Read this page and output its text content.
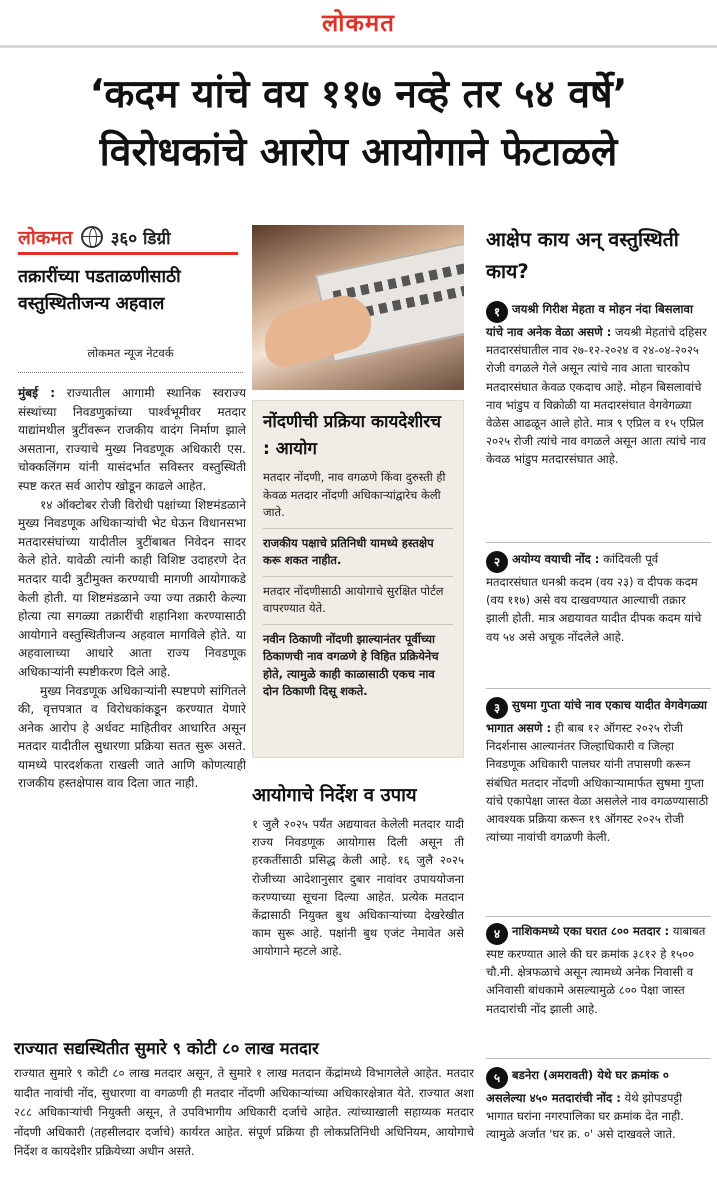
लोकमत
‘कदम यांचे वय ११७ नव्हे तर ५४ वर्षे’
विरोधकांचे आरोप आयोगाने फेटाळले
लोकमत ३६० डिग्री
तक्रारींच्या पडताळणीसाठी वस्तुस्थितीजन्य अहवाल
लोकमत न्यूज नेटवर्क

मुंबई : राज्यातील आगामी स्थानिक स्वराज्य संस्थांच्या निवडणुकांच्या पार्श्वभूमीवर मतदार याद्यांमधील त्रुटींवरून राजकीय वादंग निर्माण झाले असताना, राज्याचे मुख्य निवडणूक अधिकारी एस. चोक्कलिंगम यांनी यासंदर्भात सविस्तर वस्तुस्थिती स्पष्ट करत सर्व आरोप खोडून काढले आहेत.

१४ ऑक्टोबर रोजी विरोधी पक्षांच्या शिष्टमंडळाने मुख्य निवडणूक अधिकाऱ्यांची भेट घेऊन विधानसभा मतदारसंघांच्या यादीतील त्रुटींबाबत निवेदन सादर केले होते. यावेळी त्यांनी काही विशिष्ट उदाहरणे देत मतदार यादी त्रुटीमुक्त करण्याची मागणी आयोगाकडे केली होती. या शिष्टमंडळाने ज्या ज्या तक्रारी केल्या होत्या त्या सगळ्या तक्रारींची शहानिशा करण्यासाठी आयोगाने वस्तुस्थितीजन्य अहवाल मागविले होते. या अहवालाच्या आधारे आता राज्य निवडणूक अधिकाऱ्यांनी स्पष्टीकरण दिले आहे.

मुख्य निवडणूक अधिकाऱ्यांनी स्पष्टपणे सांगितले की, वृत्तपत्रात व विरोधकांकडून करण्यात येणारे अनेक आरोप हे अर्धवट माहितीवर आधारित असून मतदार यादीतील सुधारणा प्रक्रिया सतत सुरू असते. यामध्ये पारदर्शकता राखली जाते आणि कोणत्याही राजकीय हस्तक्षेपास वाव दिला जात नाही.

नोंदणीची प्रक्रिया कायदेशीरच : आयोग

मतदार नोंदणी, नाव वगळणे किंवा दुरुस्ती ही केवळ मतदार नोंदणी अधिकाऱ्यांद्वारेच केली जाते.

राजकीय पक्षाचे प्रतिनिधी यामध्ये हस्तक्षेप करू शकत नाहीत.

मतदार नोंदणीसाठी आयोगाचे सुरक्षित पोर्टल वापरण्यात येते.

नवीन ठिकाणी नोंदणी झाल्यानंतर पूर्वीच्या ठिकाणची नाव वगळणे हे विहित प्रक्रियेनेच होते, त्यामुळे काही काळासाठी एकच नाव दोन ठिकाणी दिसू शकते.

आयोगाचे निर्देश व उपाय
१ जुलै २०२५ पर्यंत अद्ययावत केलेली मतदार यादी राज्य निवडणूक आयोगास दिली असून ती हरकतींसाठी प्रसिद्ध केली आहे. १६ जुलै २०२५ रोजीच्या आदेशानुसार दुबार नावांवर उपाययोजना करण्याच्या सूचना दिल्या आहेत. प्रत्येक मतदान केंद्रासाठी नियुक्त बुथ अधिकाऱ्यांच्या देखरेखीत काम सुरू आहे. पक्षांनी बुथ एजंट नेमावेत असे आयोगाने म्हटले आहे.
राज्यात सद्यस्थितीत सुमारे ९ कोटी ८० लाख मतदार
राज्यात सुमारे ९ कोटी ८० लाख मतदार असून, ते सुमारे १ लाख मतदान केंद्रांमध्ये विभागलेले आहेत. मतदार यादीत नावांची नोंद, सुधारणा वा वगळणी ही मतदार नोंदणी अधिकाऱ्यांच्या अधिकारक्षेत्रात येते. राज्यात अशा २८८ अधिकाऱ्यांची नियुक्ती असून, ते उपविभागीय अधिकारी दर्जाचे आहेत. त्यांच्याखाली सहाय्यक मतदार नोंदणी अधिकारी (तहसीलदार दर्जाचे) कार्यरत आहेत. संपूर्ण प्रक्रिया ही लोकप्रतिनिधी अधिनियम, आयोगाचे निर्देश व कायदेशीर प्रक्रियेच्या अधीन असते.
आक्षेप काय अन् वस्तुस्थिती काय?
१ जयश्री गिरीश मेहता व मोहन नंदा बिसलावा यांचे नाव अनेक वेळा असणे : जयश्री मेहतांचे दहिसर मतदारसंघातील नाव २७-१२-२०२४ व २४-०४-२०२५ रोजी वगळले गेले असून त्यांचे नाव आता चारकोप मतदारसंघात केवळ एकदाच आहे. मोहन बिसलावांचे नाव भांडुप व विक्रोळी या मतदारसंघात वेगवेगळ्या वेळेस आढळून आले होते. मात्र ९ एप्रिल व १५ एप्रिल २०२५ रोजी त्यांचे नाव वगळले असून आता त्यांचे नाव केवळ भांडुप मतदारसंघात आहे.
२ अयोग्य वयाची नोंद : कांदिवली पूर्व मतदारसंघात धनश्री कदम (वय २३) व दीपक कदम (वय ११७) असे वय दाखवण्यात आल्याची तक्रार झाली होती. मात्र अद्ययावत यादीत दीपक कदम यांचे वय ५४ असे अचूक नोंदलेले आहे.
३ सुषमा गुप्ता यांचे नाव एकाच यादीत वेगवेगळ्या भागात असणे : ही बाब १२ ऑगस्ट २०२५ रोजी निदर्शनास आल्यानंतर जिल्हाधिकारी व जिल्हा निवडणूक अधिकारी पालघर यांनी तपासणी करून संबंधित मतदार नोंदणी अधिकाऱ्यामार्फत सुषमा गुप्ता यांचे एकापेक्षा जास्त वेळा असलेले नाव वगळण्यासाठी आवश्यक प्रक्रिया करून १९ ऑगस्ट २०२५ रोजी त्यांच्या नावांची वगळणी केली.
४ नाशिकमध्ये एका घरात ८०० मतदार : याबाबत स्पष्ट करण्यात आले की घर क्रमांक ३८१२ हे १५०० चौ.मी. क्षेत्रफळाचे असून त्यामध्ये अनेक निवासी व अनिवासी बांधकामे असल्यामुळे ८०० पेक्षा जास्त मतदारांची नोंद झाली आहे.
५ बडनेरा (अमरावती) येथे घर क्रमांक ० असलेल्या ४५० मतदारांची नोंद : येथे झोपडपट्टी भागात घरांना नगरपालिका घर क्रमांक देत नाही. त्यामुळे अर्जात 'घर क्र. ०' असे दाखवले जाते.
